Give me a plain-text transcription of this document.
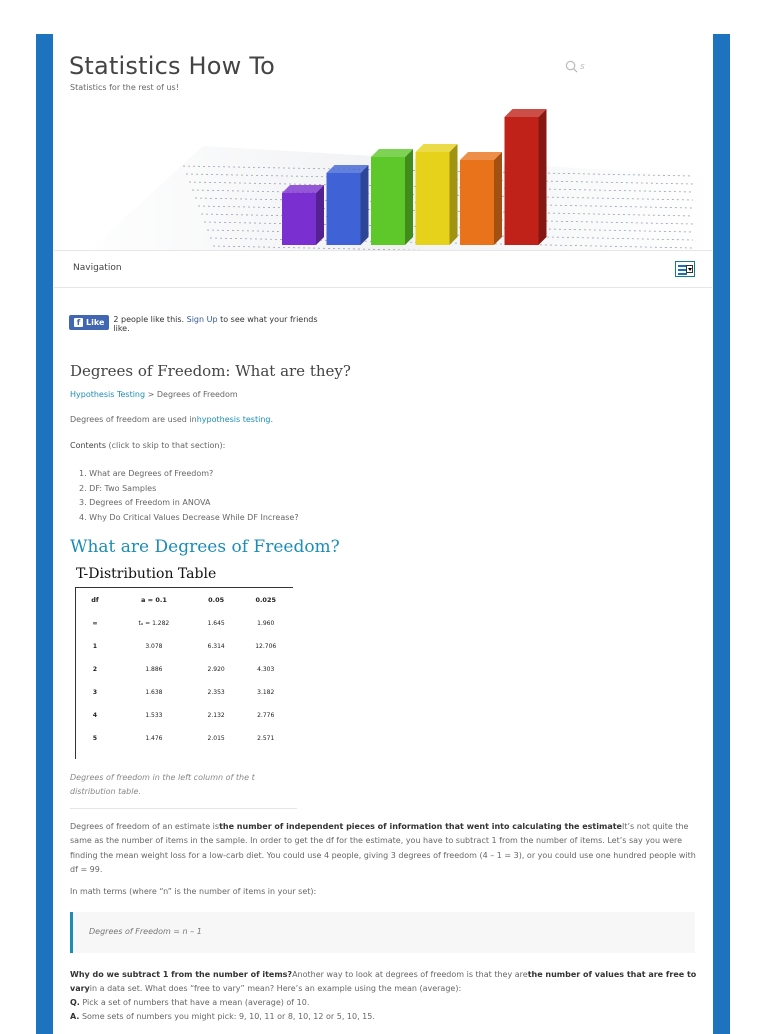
Statistics How To
Statistics for the rest of us!
s
Navigation
f Like 2 people like this. Sign Up to see what your friends like.
Degrees of Freedom: What are they?
Hypothesis Testing > Degrees of Freedom
Degrees of freedom are used inhypothesis testing.
Contents (click to skip to that section):
1. What are Degrees of Freedom?
2. DF: Two Samples
3. Degrees of Freedom in ANOVA
4. Why Do Critical Values Decrease While DF Increase?
What are Degrees of Freedom?
T-Distribution Table
df	a = 0.1	0.05	0.025
∞	tₐ = 1.282	1.645	1.960
1	3.078	6.314	12.706
2	1.886	2.920	4.303
3	1.638	2.353	3.182
4	1.533	2.132	2.776
5	1.476	2.015	2.571
Degrees of freedom in the left column of the t distribution table.
Degrees of freedom of an estimate isthe number of independent pieces of information that went into calculating the estimateIt’s not quite the same as the number of items in the sample. In order to get the df for the estimate, you have to subtract 1 from the number of items. Let’s say you were finding the mean weight loss for a low-carb diet. You could use 4 people, giving 3 degrees of freedom (4 – 1 = 3), or you could use one hundred people with df = 99.
In math terms (where “n” is the number of items in your set):
Degrees of Freedom = n – 1
Why do we subtract 1 from the number of items?Another way to look at degrees of freedom is that they arethe number of values that are free to varyin a data set. What does “free to vary” mean? Here’s an example using the mean (average):
Q. Pick a set of numbers that have a mean (average) of 10.
A. Some sets of numbers you might pick: 9, 10, 11 or 8, 10, 12 or 5, 10, 15.
